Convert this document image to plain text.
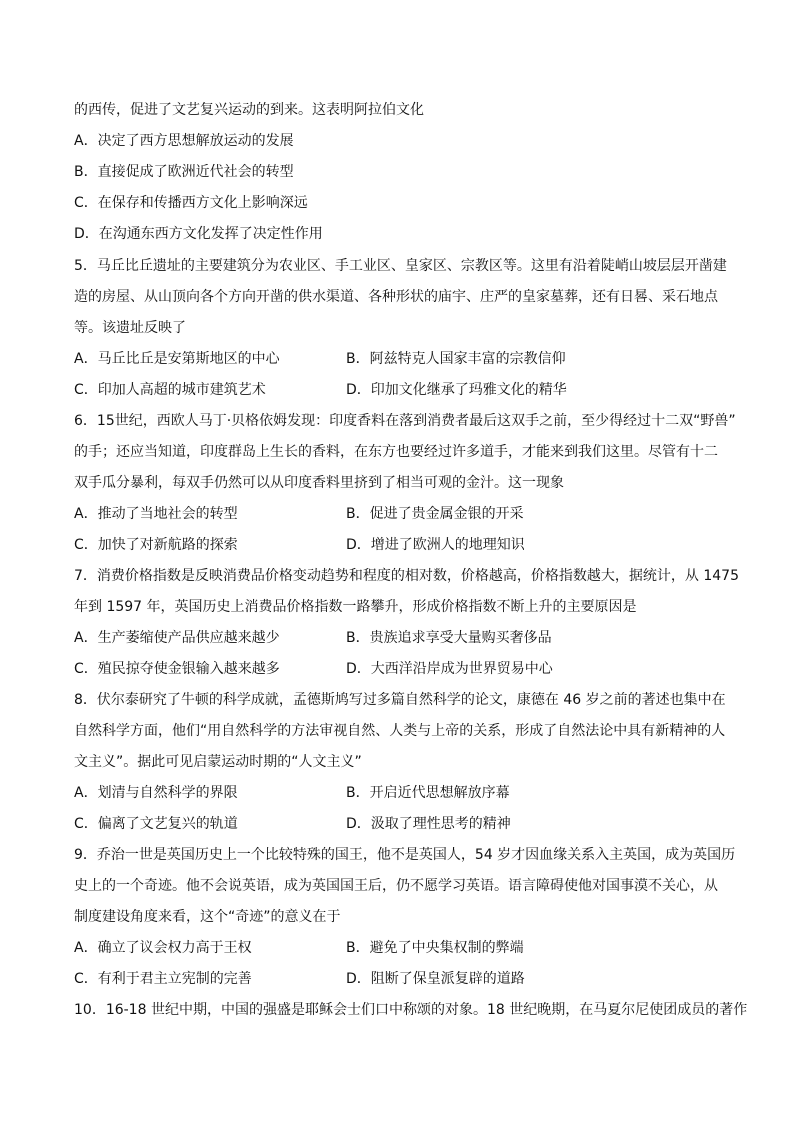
的西传，促进了文艺复兴运动的到来。这表明阿拉伯文化
A．决定了西方思想解放运动的发展
B．直接促成了欧洲近代社会的转型
C．在保存和传播西方文化上影响深远
D．在沟通东西方文化发挥了决定性作用
5．马丘比丘遗址的主要建筑分为农业区、手工业区、皇家区、宗教区等。这里有沿着陡峭山坡层层开凿建
造的房屋、从山顶向各个方向开凿的供水渠道、各种形状的庙宇、庄严的皇家墓葬，还有日晷、采石地点
等。该遗址反映了
A．马丘比丘是安第斯地区的中心	B．阿兹特克人国家丰富的宗教信仰
C．印加人高超的城市建筑艺术	D．印加文化继承了玛雅文化的精华
6．15世纪，西欧人马丁·贝格依姆发现：印度香料在落到消费者最后这双手之前，至少得经过十二双“野兽”
的手；还应当知道，印度群岛上生长的香料，在东方也要经过许多道手，才能来到我们这里。尽管有十二
双手瓜分暴利，每双手仍然可以从印度香料里挤到了相当可观的金汁。这一现象
A．推动了当地社会的转型	B．促进了贵金属金银的开采
C．加快了对新航路的探索	D．增进了欧洲人的地理知识
7．消费价格指数是反映消费品价格变动趋势和程度的相对数，价格越高，价格指数越大，据统计，从 1475
年到 1597 年，英国历史上消费品价格指数一路攀升，形成价格指数不断上升的主要原因是
A．生产萎缩使产品供应越来越少	B．贵族追求享受大量购买奢侈品
C．殖民掠夺使金银输入越来越多	D．大西洋沿岸成为世界贸易中心
8．伏尔泰研究了牛顿的科学成就，孟德斯鸠写过多篇自然科学的论文，康德在 46 岁之前的著述也集中在
自然科学方面，他们“用自然科学的方法审视自然、人类与上帝的关系，形成了自然法论中具有新精神的人
文主义”。据此可见启蒙运动时期的“人文主义”
A．划清与自然科学的界限	B．开启近代思想解放序幕
C．偏离了文艺复兴的轨道	D．汲取了理性思考的精神
9．乔治一世是英国历史上一个比较特殊的国王，他不是英国人，54 岁才因血缘关系入主英国，成为英国历
史上的一个奇迹。他不会说英语，成为英国国王后，仍不愿学习英语。语言障碍使他对国事漠不关心，从
制度建设角度来看，这个“奇迹”的意义在于
A．确立了议会权力高于王权	B．避免了中央集权制的弊端
C．有利于君主立宪制的完善	D．阻断了保皇派复辟的道路
10．16-18 世纪中期，中国的强盛是耶稣会士们口中称颂的对象。18 世纪晚期，在马夏尔尼使团成员的著作
